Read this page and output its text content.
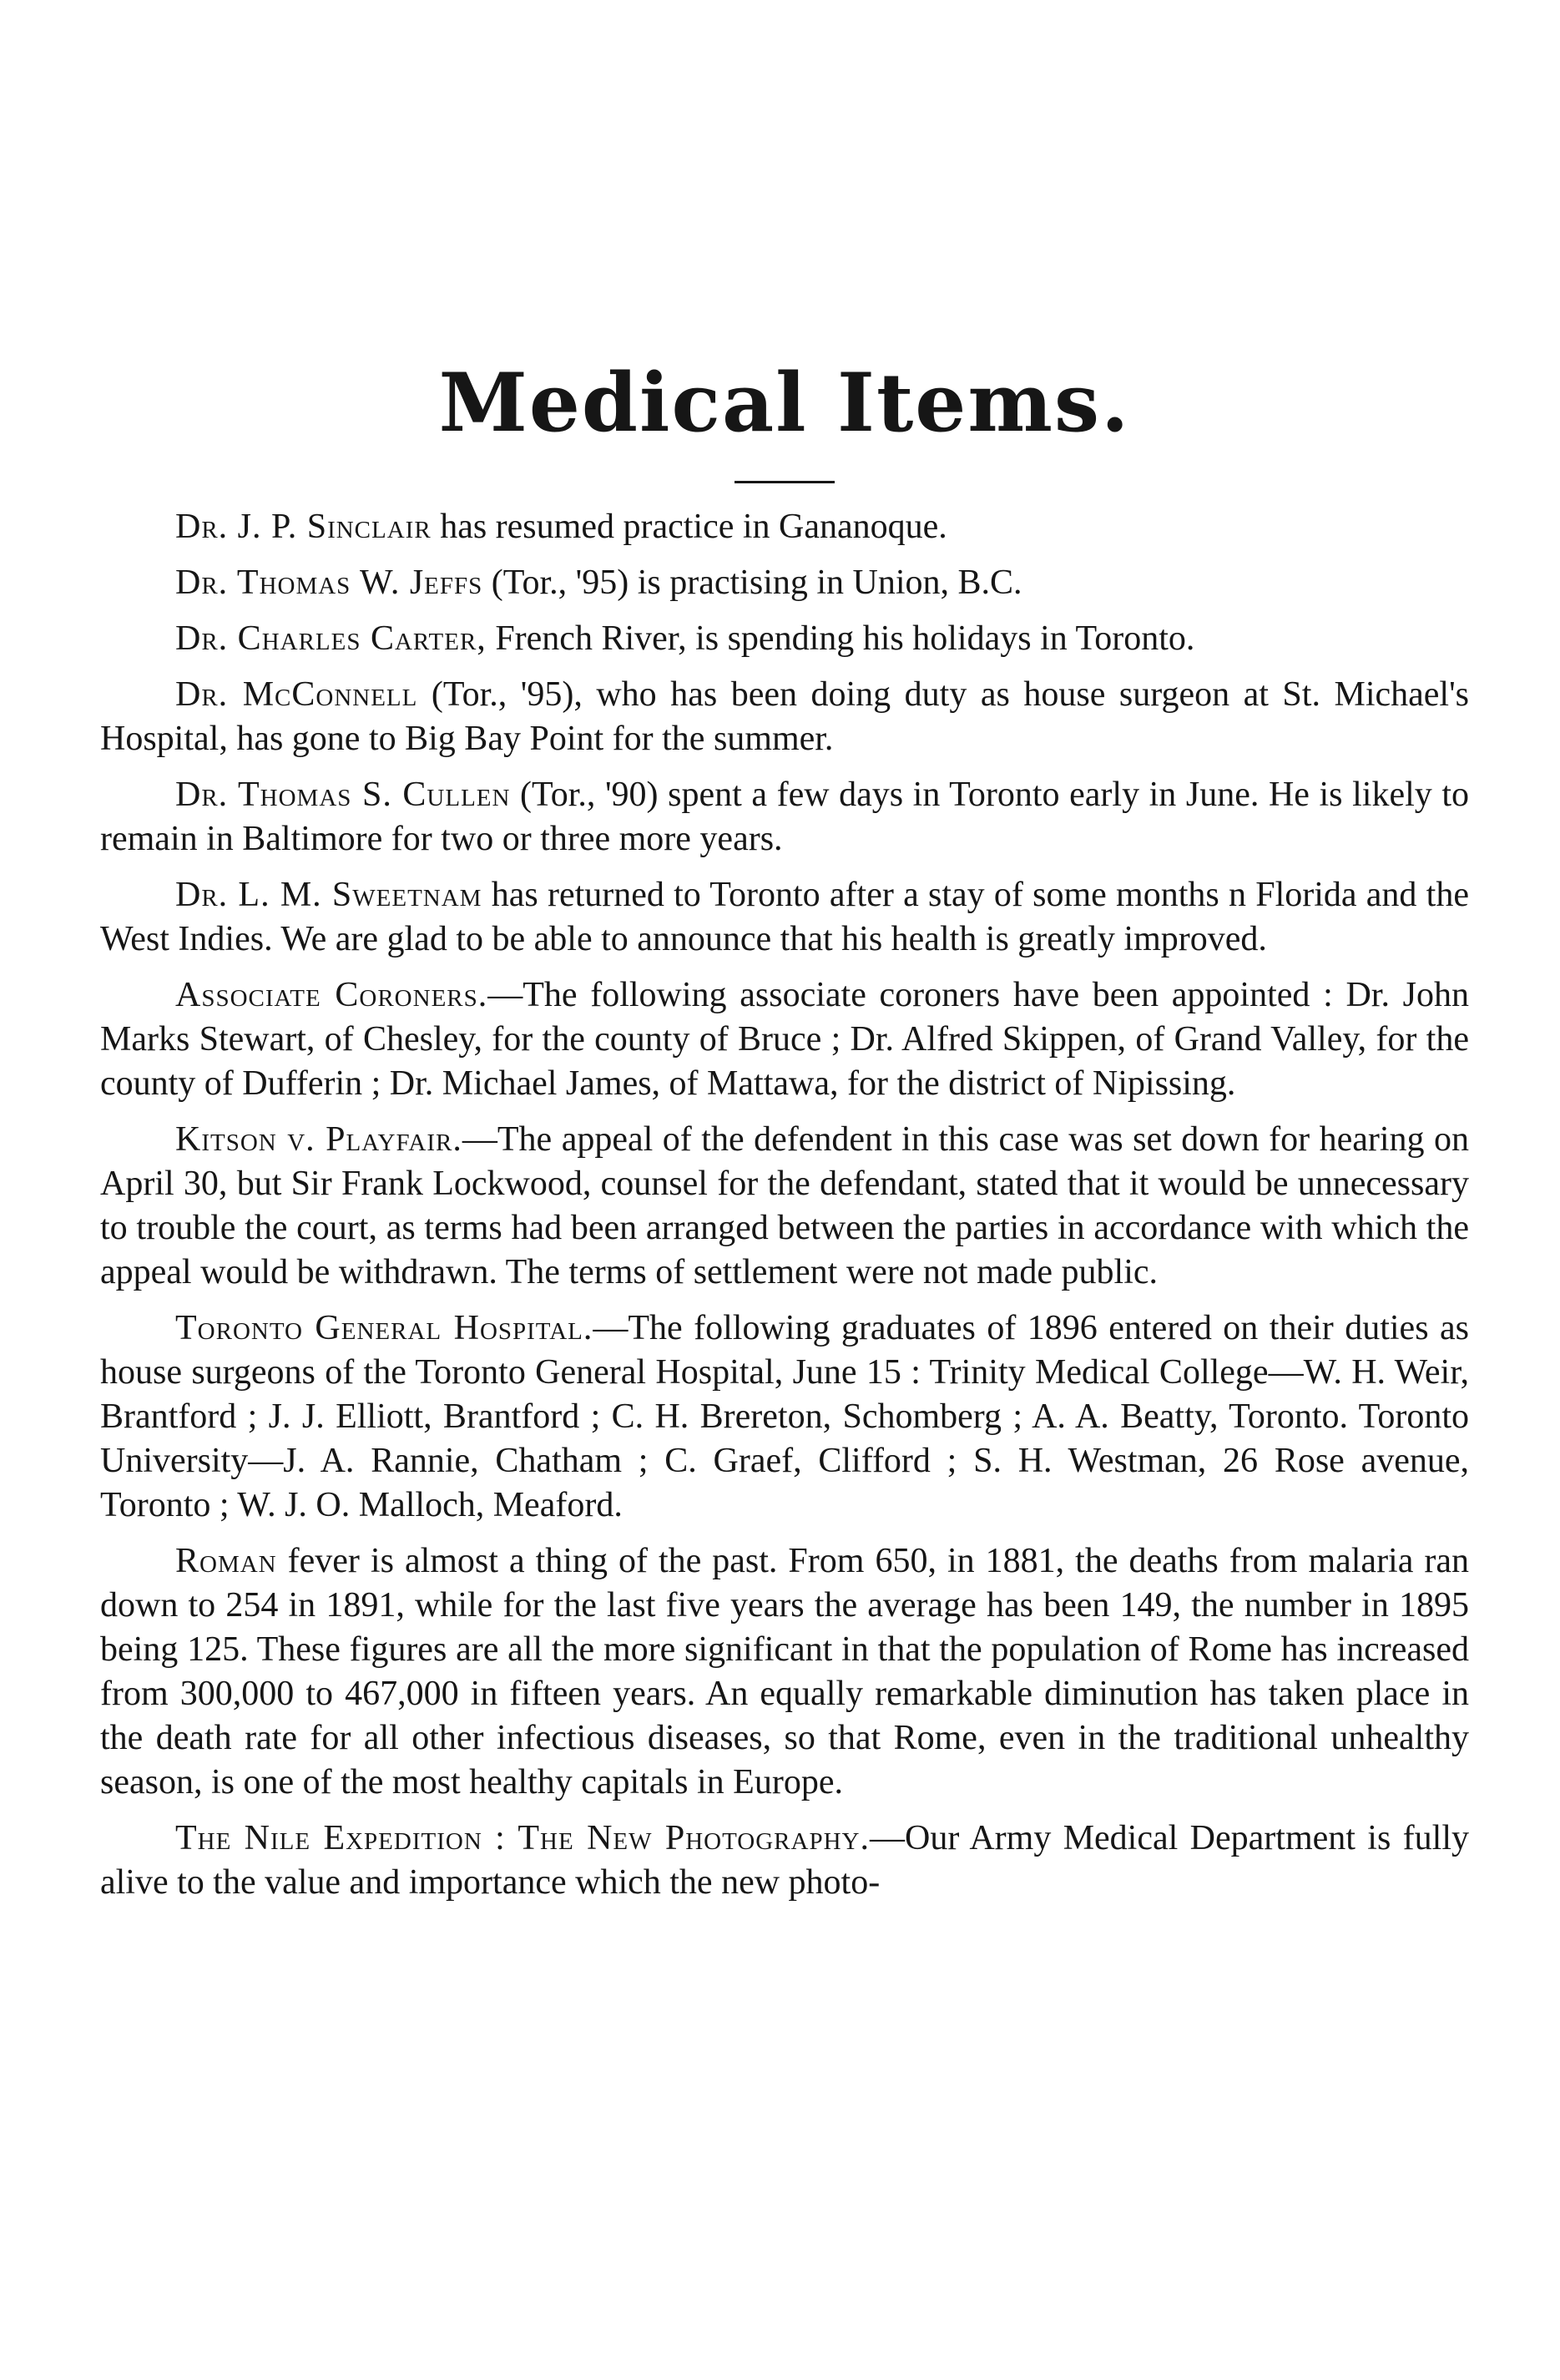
Medical Items.

Dr. J. P. Sinclair has resumed practice in Gananoque.

Dr. Thomas W. Jeffs (Tor., '95) is practising in Union, B.C.

Dr. Charles Carter, French River, is spending his holidays in Toronto.

Dr. McConnell (Tor., '95), who has been doing duty as house surgeon at St. Michael's Hospital, has gone to Big Bay Point for the summer.

Dr. Thomas S. Cullen (Tor., '90) spent a few days in Toronto early in June. He is likely to remain in Baltimore for two or three more years.

Dr. L. M. Sweetnam has returned to Toronto after a stay of some months n Florida and the West Indies. We are glad to be able to announce that his health is greatly improved.

Associate Coroners.—The following associate coroners have been appointed : Dr. John Marks Stewart, of Chesley, for the county of Bruce ; Dr. Alfred Skippen, of Grand Valley, for the county of Dufferin ; Dr. Michael James, of Mattawa, for the district of Nipissing.

Kitson v. Playfair.—The appeal of the defendent in this case was set down for hearing on April 30, but Sir Frank Lockwood, counsel for the defendant, stated that it would be unnecessary to trouble the court, as terms had been arranged between the parties in accordance with which the appeal would be withdrawn. The terms of settlement were not made public.

Toronto General Hospital.—The following graduates of 1896 entered on their duties as house surgeons of the Toronto General Hospital, June 15 : Trinity Medical College—W. H. Weir, Brantford ; J. J. Elliott, Brantford ; C. H. Brereton, Schomberg ; A. A. Beatty, Toronto. Toronto University—J. A. Rannie, Chatham ; C. Graef, Clifford ; S. H. Westman, 26 Rose avenue, Toronto ; W. J. O. Malloch, Meaford.

Roman fever is almost a thing of the past. From 650, in 1881, the deaths from malaria ran down to 254 in 1891, while for the last five years the average has been 149, the number in 1895 being 125. These figures are all the more significant in that the population of Rome has increased from 300,000 to 467,000 in fifteen years. An equally remarkable diminution has taken place in the death rate for all other infectious diseases, so that Rome, even in the traditional unhealthy season, is one of the most healthy capitals in Europe.

The Nile Expedition : The New Photography.—Our Army Medical Department is fully alive to the value and importance which the new photo-
